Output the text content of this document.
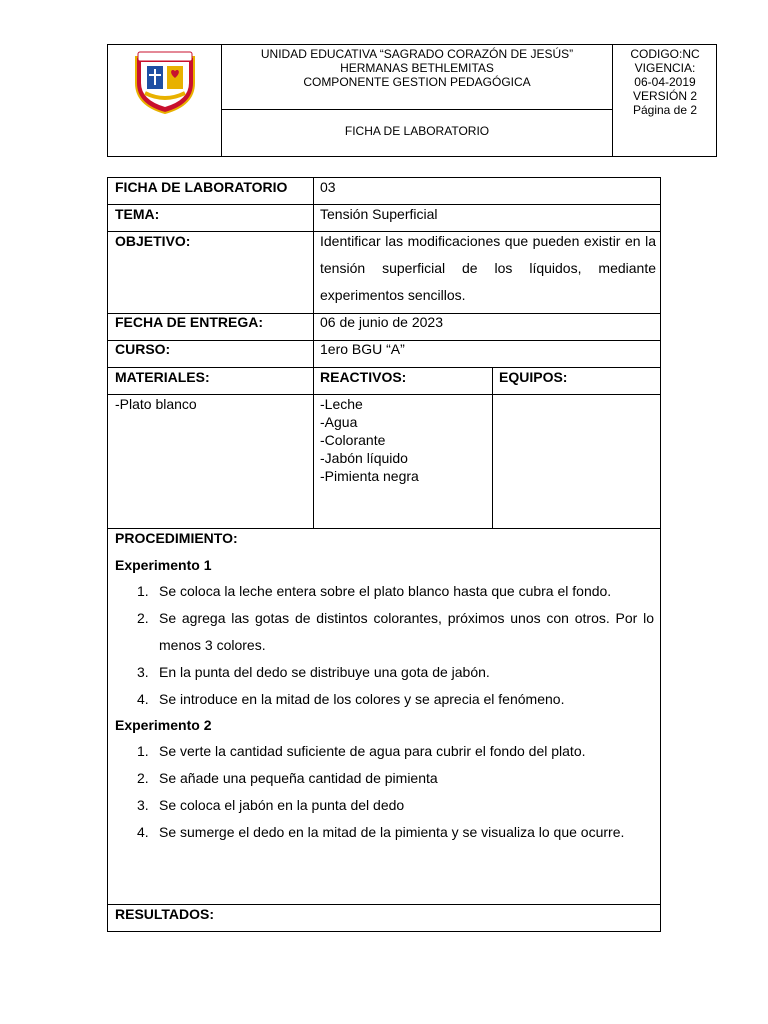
UNIDAD EDUCATIVA “SAGRADO CORAZÓN DE JESÚS”
HERMANAS BETHLEMITAS
COMPONENTE GESTION PEDAGÓGICA
FICHA DE LABORATORIO
CODIGO:NC
VIGENCIA:
06-04-2019
VERSIÓN 2
Página de 2
FICHA DE LABORATORIO 03
TEMA:	Tensión Superficial
OBJETIVO:	Identificar las modificaciones que pueden existir en la tensión superficial de los líquidos, mediante experimentos sencillos.
FECHA DE ENTREGA:	06 de junio de 2023
CURSO:	1ero BGU “A”
MATERIALES:	REACTIVOS:	EQUIPOS:
-Plato blanco	-Leche
-Agua
-Colorante
-Jabón líquido
-Pimienta negra
PROCEDIMIENTO:
Experimento 1
1. Se coloca la leche entera sobre el plato blanco hasta que cubra el fondo.
2. Se agrega las gotas de distintos colorantes, próximos unos con otros. Por lo menos 3 colores.
3. En la punta del dedo se distribuye una gota de jabón.
4. Se introduce en la mitad de los colores y se aprecia el fenómeno.
Experimento 2
1. Se verte la cantidad suficiente de agua para cubrir el fondo del plato.
2. Se añade una pequeña cantidad de pimienta
3. Se coloca el jabón en la punta del dedo
4. Se sumerge el dedo en la mitad de la pimienta y se visualiza lo que ocurre.
RESULTADOS:
